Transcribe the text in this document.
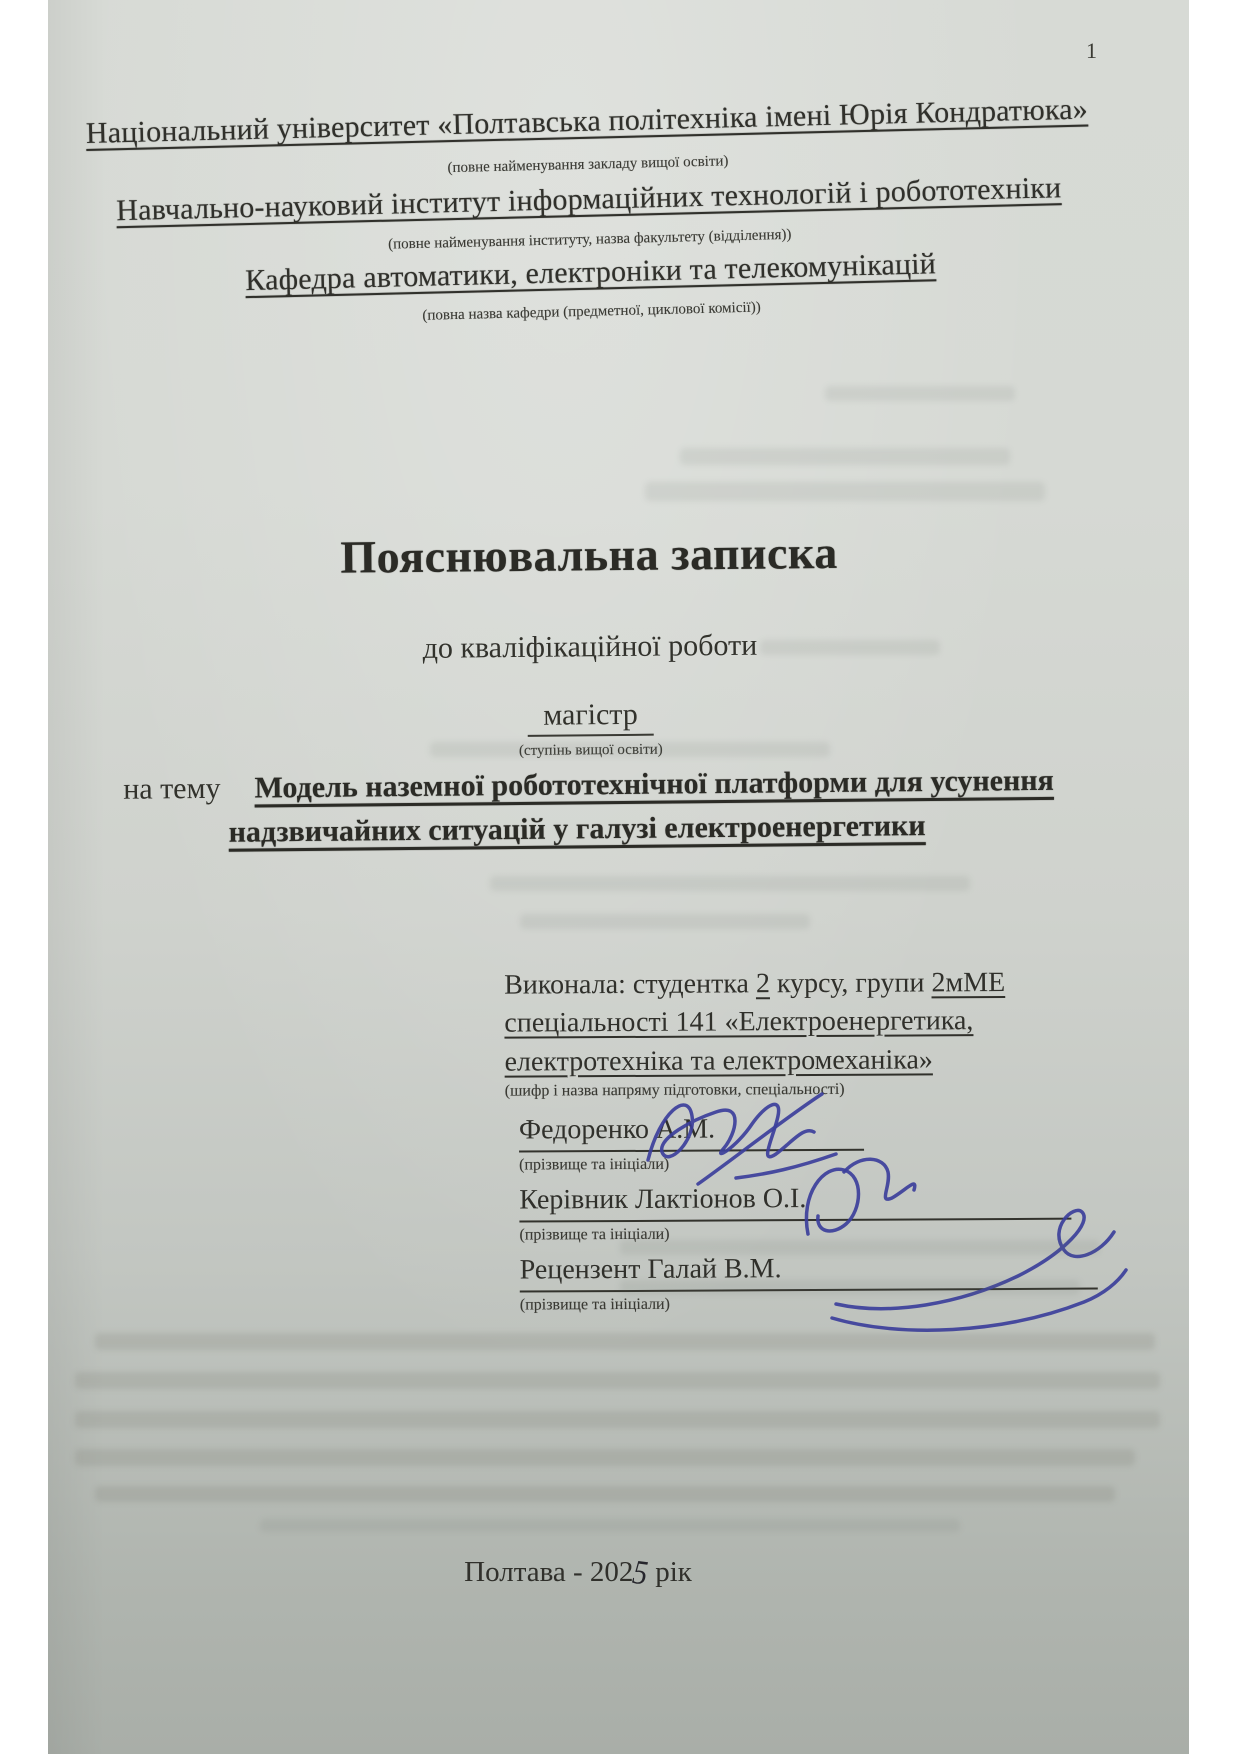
1
Національний університет «Полтавська політехніка імені Юрія Кондратюка»
(повне найменування закладу вищої освіти)
Навчально-науковий інститут інформаційних технологій і робототехніки
(повне найменування інституту, назва факультету (відділення))
Кафедра автоматики, електроніки та телекомунікацій
(повна назва кафедри (предметної, циклової комісії))
Пояснювальна записка
до кваліфікаційної роботи
магістр
(ступінь вищої освіти)
на тему Модель наземної робототехнічної платформи для усунення
надзвичайних ситуацій у галузі електроенергетики
Виконала: студентка 2 курсу, групи 2мМЕ
спеціальності 141 «Електроенергетика,
електротехніка та електромеханіка»
(шифр і назва напряму підготовки, спеціальності)
Федоренко А.М.
(прізвище та ініціали)
Керівник Лактіонов О.І.
(прізвище та ініціали)
Рецензент Галай В.М.
(прізвище та ініціали)
Полтава - 2025 рік
